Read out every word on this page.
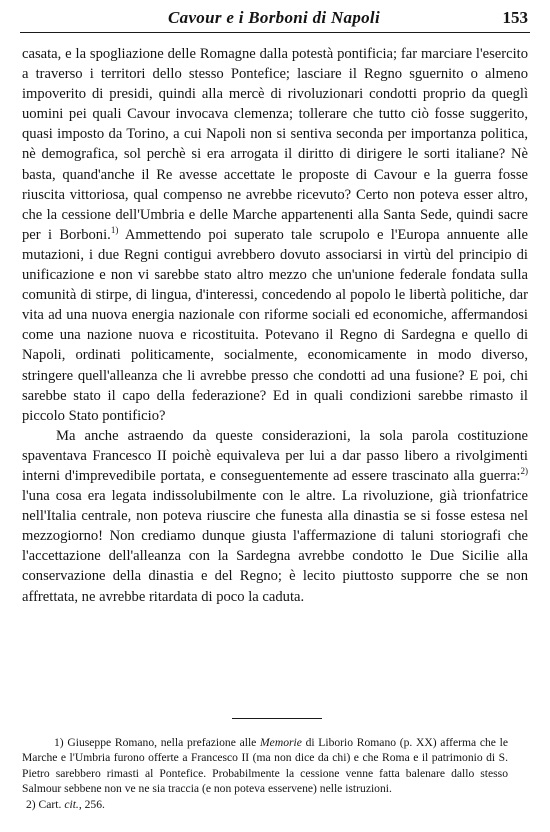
Cavour e i Borboni di Napoli	153

casata, e la spogliazione delle Romagne dalla potestà pontificia; far marciare l'esercito a traverso i territori dello stesso Pontefice; lasciare il Regno sguernito o almeno impoverito di presidi, quindi alla mercè di rivoluzionari condotti proprio da queglì uomini pei quali Cavour invocava clemenza; tollerare che tutto ciò fosse suggerito, quasi imposto da Torino, a cui Napoli non si sentiva seconda per importanza politica, nè demografica, sol perchè si era arrogata il diritto di dirigere le sorti italiane? Nè basta, quand'anche il Re avesse accettate le proposte di Cavour e la guerra fosse riuscita vittoriosa, qual compenso ne avrebbe ricevuto? Certo non poteva esser altro, che la cessione dell'Umbria e delle Marche appartenenti alla Santa Sede, quindi sacre per i Borboni.$^{1)}$ Ammettendo poi superato tale scrupolo e l'Europa annuente alle mutazioni, i due Regni contigui avrebbero dovuto associarsi in virtù del principio di unificazione e non vi sarebbe stato altro mezzo che un'unione federale fondata sulla comunità di stirpe, di lingua, d'interessi, concedendo al popolo le libertà politiche, dar vita ad una nuova energia nazionale con riforme sociali ed economiche, affermandosi come una nazione nuova e ricostituita. Potevano il Regno di Sardegna e quello di Napoli, ordinati politicamente, socialmente, economicamente in modo diverso, stringere quell'alleanza che li avrebbe presso che condotti ad una fusione? E poi, chi sarebbe stato il capo della federazione? Ed in quali condizioni sarebbe rimasto il piccolo Stato pontificio?

Ma anche astraendo da queste considerazioni, la sola parola costituzione spaventava Francesco II poichè equivaleva per lui a dar passo libero a rivolgimenti interni d'imprevedibile portata, e conseguentemente ad essere trascinato alla guerra:$^{2)}$ l'una cosa era legata indissolubilmente con le altre. La rivoluzione, già trionfatrice nell'Italia centrale, non poteva riuscire che funesta alla dinastia se si fosse estesa nel mezzogiorno! Non crediamo dunque giusta l'affermazione di taluni storiografi che l'accettazione dell'alleanza con la Sardegna avrebbe condotto le Due Sicilie alla conservazione della dinastia e del Regno; è lecito piuttosto supporre che se non affrettata, ne avrebbe ritardata di poco la caduta.

1) Giuseppe Romano, nella prefazione alle Memorie di Liborio Romano (p. XX) afferma che le Marche e l'Umbria furono offerte a Francesco II (ma non dice da chi) e che Roma e il patrimonio di S. Pietro sarebbero rimasti al Pontefice. Probabilmente la cessione venne fatta balenare dallo stesso Salmour sebbene non ve ne sia traccia (e non poteva esservene) nelle istruzioni.

2) Cart. cit., 256.
